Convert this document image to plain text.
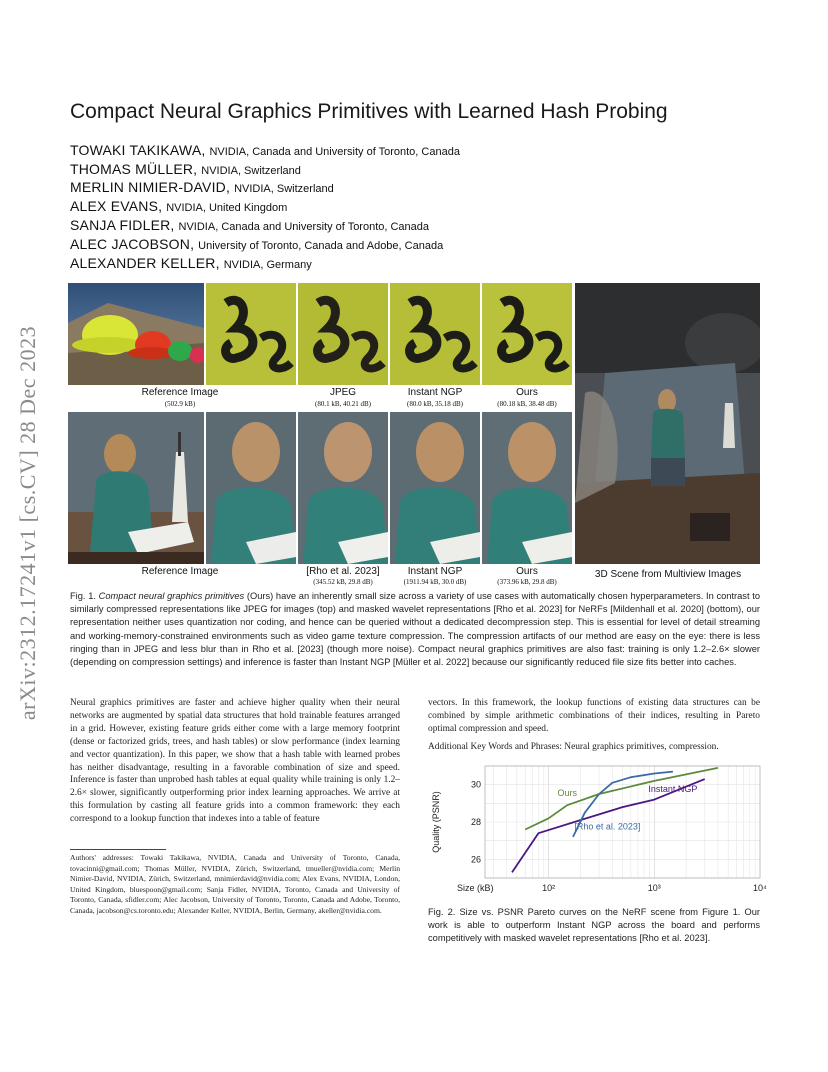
arXiv:2312.17241v1 [cs.CV] 28 Dec 2023
Compact Neural Graphics Primitives with Learned Hash Probing
TOWAKI TAKIKAWA, NVIDIA, Canada and University of Toronto, Canada
THOMAS MÜLLER, NVIDIA, Switzerland
MERLIN NIMIER-DAVID, NVIDIA, Switzerland
ALEX EVANS, NVIDIA, United Kingdom
SANJA FIDLER, NVIDIA, Canada and University of Toronto, Canada
ALEC JACOBSON, University of Toronto, Canada and Adobe, Canada
ALEXANDER KELLER, NVIDIA, Germany
Reference Image
(502.9 kB)
JPEG
(80.1 kB, 40.21 dB)
Instant NGP
(80.0 kB, 35.18 dB)
Ours
(80.18 kB, 38.48 dB)
Reference Image	[Rho et al. 2023]
(345.52 kB, 29.8 dB)
Instant NGP
(1911.94 kB, 30.0 dB)
Ours
(373.96 kB, 29.8 dB)
3D Scene from Multiview Images
Fig. 1. Compact neural graphics primitives (Ours) have an inherently small size across a variety of use cases with automatically chosen hyperparameters. In contrast to similarly compressed representations like JPEG for images (top) and masked wavelet representations [Rho et al. 2023] for NeRFs [Mildenhall et al. 2020] (bottom), our representation neither uses quantization nor coding, and hence can be queried without a dedicated decompression step. This is essential for level of detail streaming and working-memory-constrained environments such as video game texture compression. The compression artifacts of our method are easy on the eye: there is less ringing than in JPEG and less blur than in Rho et al. [2023] (though more noise). Compact neural graphics primitives are also fast: training is only 1.2–2.6× slower (depending on compression settings) and inference is faster than Instant NGP [Müller et al. 2022] because our significantly reduced file size fits better into caches.
Neural graphics primitives are faster and achieve higher quality when their neural networks are augmented by spatial data structures that hold trainable features arranged in a grid. However, existing feature grids either come with a large memory footprint (dense or factorized grids, trees, and hash tables) or slow performance (index learning and vector quantization). In this paper, we show that a hash table with learned probes has neither disadvantage, resulting in a favorable combination of size and speed. Inference is faster than unprobed hash tables at equal quality while training is only 1.2–2.6× slower, significantly outperforming prior index learning approaches. We arrive at this formulation by casting all feature grids into a common framework: they each correspond to a lookup function that indexes into a table of feature
Authors' addresses: Towaki Takikawa, NVIDIA, Canada and University of Toronto, Canada, tovacinni@gmail.com; Thomas Müller, NVIDIA, Zürich, Switzerland, tmueller@nvidia.com; Merlin Nimier-David, NVIDIA, Zürich, Switzerland, mnimierdavid@nvidia.com; Alex Evans, NVIDIA, London, United Kingdom, bluespoon@gmail.com; Sanja Fidler, NVIDIA, Toronto, Canada and University of Toronto, Canada, sfidler.com; Alec Jacobson, University of Toronto, Toronto, Canada and Adobe, Toronto, Canada, jacobson@cs.toronto.edu; Alexander Keller, NVIDIA, Berlin, Germany, akeller@nvidia.com.
vectors. In this framework, the lookup functions of existing data structures can be combined by simple arithmetic combinations of their indices, resulting in Pareto optimal compression and speed.
Additional Key Words and Phrases: Neural graphics primitives, compression.
26
28
30
10²	10³	10⁴
Size (kB)
Quality (PSNR)	Ours	Instant NGP
[Rho et al. 2023]
Fig. 2. Size vs. PSNR Pareto curves on the NeRF scene from Figure 1. Our work is able to outperform Instant NGP across the board and performs competitively with masked wavelet representations [Rho et al. 2023].
